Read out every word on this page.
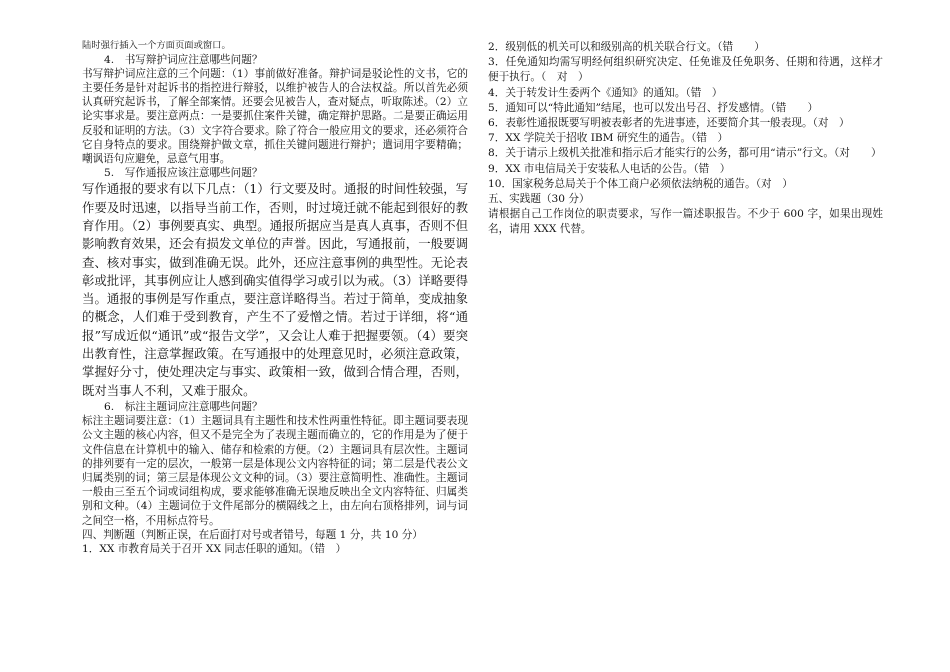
陆时强行插入一个方面页面或窗口。

4.　书写辩护词应注意哪些问题？

书写辩护词应注意的三个问题：（1）事前做好准备。辩护词是驳论性的文书，它的主要任务是针对起诉书的指控进行辩驳，以维护被告人的合法权益。所以首先必须认真研究起诉书，了解全部案情。还要会见被告人，查对疑点，听取陈述。（2）立论实事求是。要注意两点：一是要抓住案件关键，确定辩护思路。二是要正确运用反驳和证明的方法。（3）文字符合要求。除了符合一般应用文的要求，还必须符合它自身特点的要求。围绕辩护做文章，抓住关键问题进行辩护；遣词用字要精确；嘲讽语句应避免，忌意气用事。

5.　写作通报应该注意哪些问题？

写作通报的要求有以下几点：（1）行文要及时。通报的时间性较强，写作要及时迅速，以指导当前工作，否则，时过境迁就不能起到很好的教育作用。（2）事例要真实、典型。通报所据应当是真人真事，否则不但影响教育效果，还会有损发文单位的声誉。因此，写通报前，一般要调查、核对事实，做到准确无误。此外，还应注意事例的典型性。无论表彰或批评，其事例应让人感到确实值得学习或引以为戒。（3）详略要得当。通报的事例是写作重点，要注意详略得当。若过于简单，变成抽象的概念，人们难于受到教育，产生不了爱憎之情。若过于详细，将“通报”写成近似“通讯”或“报告文学”，又会让人难于把握要领。（4）要突出教育性，注意掌握政策。在写通报中的处理意见时，必须注意政策，掌握好分寸，使处理决定与事实、政策相一致，做到合情合理，否则，既对当事人不利，又难于服众。

6.　标注主题词应注意哪些问题？

标注主题词要注意：（1）主题词具有主题性和技术性两重性特征。即主题词要表现公文主题的核心内容，但又不是完全为了表现主题而确立的，它的作用是为了便于文件信息在计算机中的输入、储存和检索的方便。（2）主题词具有层次性。主题词的排列要有一定的层次，一般第一层是体现公文内容特征的词；第二层是代表公文归属类别的词；第三层是体现公文文种的词。（3）要注意简明性、准确性。主题词一般由三至五个词或词组构成，要求能够准确无误地反映出全文内容特征、归属类别和文种。（4）主题词位于文件尾部分的横隔线之上，由左向右顶格排列，词与词之间空一格，不用标点符号。

四、判断题（判断正误，在后面打对号或者错号，每题 1 分，共 10 分）

1．XX 市教育局关于召开 XX 同志任职的通知。（错　）

2．级别低的机关可以和级别高的机关联合行文。（错　　）

3．任免通知均需写明经何组织研究决定、任免谁及任免职务、任期和待遇，这样才便于执行。（　对　）

4．关于转发计生委两个《通知》的通知。（错　）

5．通知可以“特此通知”结尾，也可以发出号召、抒发感情。（错　　）

6．表彰性通报既要写明被表彰者的先进事迹，还要简介其一般表现。（对　）

7．XX 学院关于招收 IBM 研究生的通告。（错　）

8．关于请示上级机关批准和指示后才能实行的公务，都可用“请示”行文。（对　　）

9．XX 市电信局关于安装私人电话的公告。（错　）

10．国家税务总局关于个体工商户必须依法纳税的通告。（对　）

五、实践题（30 分）

请根据自己工作岗位的职责要求，写作一篇述职报告。不少于 600 字，如果出现姓名，请用 XXX 代替。
